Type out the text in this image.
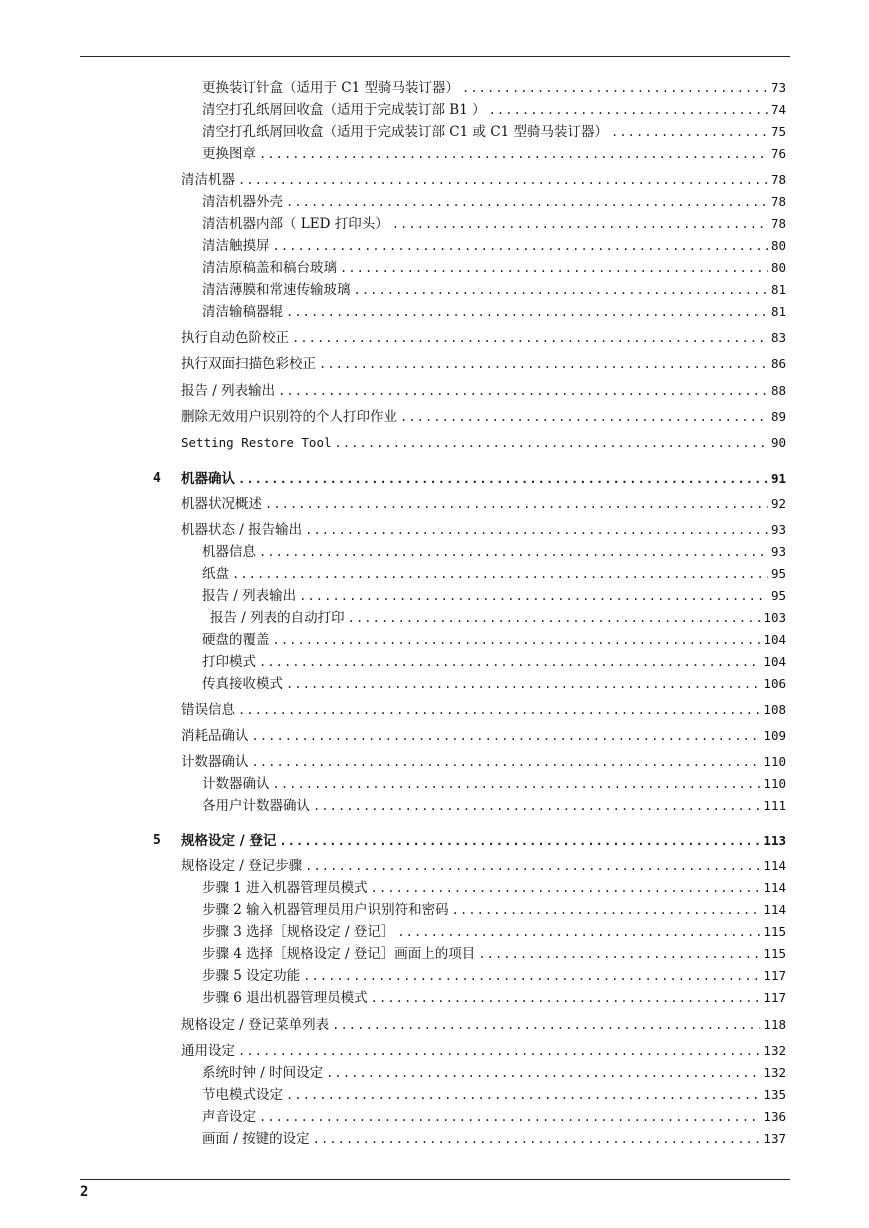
更换装订针盒（适用于 C1 型骑马装订器） .....	73
清空打孔纸屑回收盒（适用于完成装订部 B1 ） .....	74
清空打孔纸屑回收盒（适用于完成装订部 C1 或 C1 型骑马装订器） .....	75
更换图章 .....	76
清洁机器 .....	78
清洁机器外壳 .....	78
清洁机器内部（ LED 打印头） .....	78
清洁触摸屏 .....	80
清洁原稿盖和稿台玻璃 .....	80
清洁薄膜和常速传输玻璃 .....	81
清洁输稿器辊 .....	81
执行自动色阶校正 .....	83
执行双面扫描色彩校正 .....	86
报告 / 列表输出 .....	88
删除无效用户识别符的个人打印作业 .....	89
Setting Restore Tool .....	90
4 机器确认 .....	91
机器状况概述 .....	92
机器状态 / 报告输出 .....	93
机器信息 .....	93
纸盘 .....	95
报告 / 列表输出 .....	95
报告 / 列表的自动打印 .....	103
硬盘的覆盖 .....	104
打印模式 .....	104
传真接收模式 .....	106
错误信息 .....	108
消耗品确认 .....	109
计数器确认 .....	110
计数器确认 .....	110
各用户计数器确认 .....	111
5 规格设定 / 登记 .....	113
规格设定 / 登记步骤 .....	114
步骤 1 进入机器管理员模式 .....	114
步骤 2 输入机器管理员用户识别符和密码 .....	114
步骤 3 选择［规格设定 / 登记］ .....	115
步骤 4 选择［规格设定 / 登记］画面上的项目 .....	115
步骤 5 设定功能 .....	117
步骤 6 退出机器管理员模式 .....	117
规格设定 / 登记菜单列表 .....	118
通用设定 .....	132
系统时钟 / 时间设定 .....	132
节电模式设定 .....	135
声音设定 .....	136
画面 / 按键的设定 .....	137
2
